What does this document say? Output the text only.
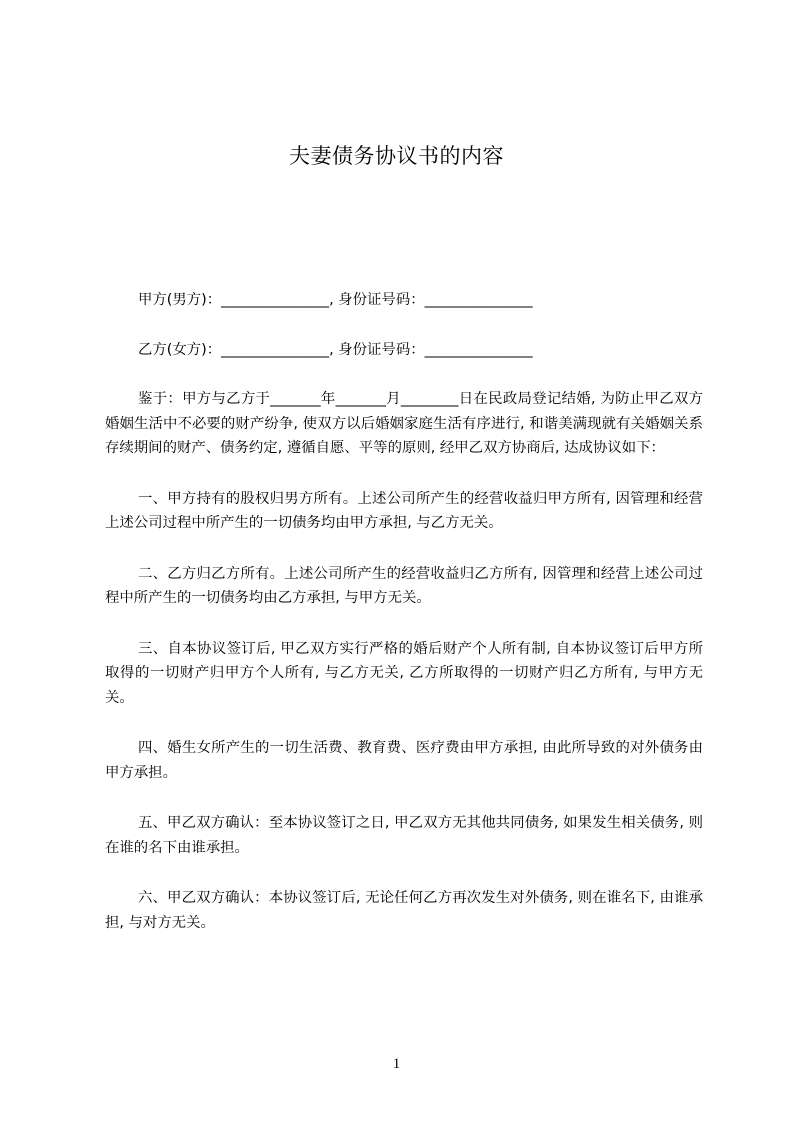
夫妻债务协议书的内容

甲方(男方)：_______________, 身份证号码：_______________

乙方(女方)：_______________, 身份证号码：_______________

鉴于：甲方与乙方于_______年_______月________日在民政局登记结婚, 为防止甲乙双方婚姻生活中不必要的财产纷争, 使双方以后婚姻家庭生活有序进行, 和谐美满现就有关婚姻关系存续期间的财产、债务约定, 遵循自愿、平等的原则, 经甲乙双方协商后, 达成协议如下：

一、甲方持有的股权归男方所有。上述公司所产生的经营收益归甲方所有, 因管理和经营上述公司过程中所产生的一切债务均由甲方承担, 与乙方无关。

二、乙方归乙方所有。上述公司所产生的经营收益归乙方所有, 因管理和经营上述公司过程中所产生的一切债务均由乙方承担, 与甲方无关。

三、自本协议签订后, 甲乙双方实行严格的婚后财产个人所有制, 自本协议签订后甲方所取得的一切财产归甲方个人所有, 与乙方无关, 乙方所取得的一切财产归乙方所有, 与甲方无关。

四、婚生女所产生的一切生活费、教育费、医疗费由甲方承担, 由此所导致的对外债务由甲方承担。

五、甲乙双方确认：至本协议签订之日, 甲乙双方无其他共同债务, 如果发生相关债务, 则在谁的名下由谁承担。

六、甲乙双方确认：本协议签订后, 无论任何乙方再次发生对外债务, 则在谁名下, 由谁承担, 与对方无关。

1
